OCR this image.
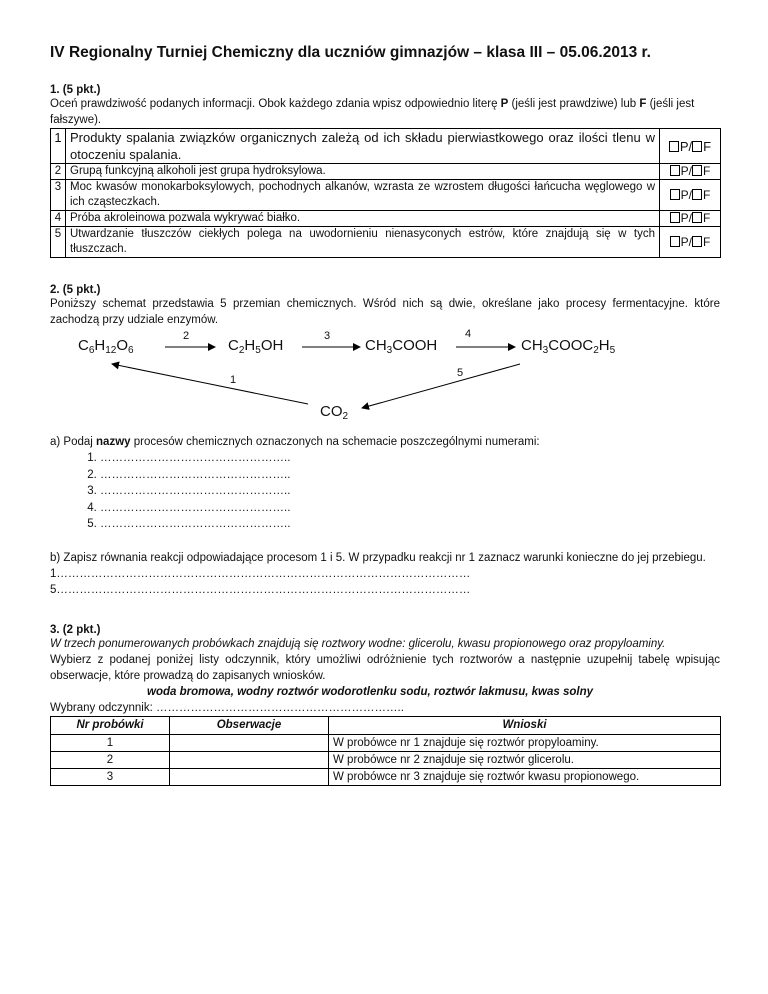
IV Regionalny Turniej Chemiczny dla uczniów gimnazjów – klasa III – 05.06.2013 r.

1. (5 pkt.)

Oceń prawdziwość podanych informacji. Obok każdego zdania wpisz odpowiednio literę P (jeśli jest prawdziwe) lub F (jeśli jest fałszywe).

1	Produkty spalania związków organicznych zależą od ich składu pierwiastkowego oraz ilości tlenu w otoczeniu spalania.	P/ F
2	Grupą funkcyjną alkoholi jest grupa hydroksylowa.	P/ F
3	Moc kwasów monokarboksylowych, pochodnych alkanów, wzrasta ze wzrostem długości łańcucha węglowego w ich cząsteczkach.	P/ F
4	Próba akroleinowa pozwala wykrywać białko.	P/ F
5	Utwardzanie tłuszczów ciekłych polega na uwodornieniu nienasyconych estrów, które znajdują się w tych tłuszczach.	P/ F

2. (5 pkt.)

Poniższy schemat przedstawia 5 przemian chemicznych. Wśród nich są dwie, określane jako procesy fermentacyjne. które zachodzą przy udziale enzymów.

$C_6H_{12}O_6$	$C_2H_5OH$	$CH_3COOH$	$CH_3COOC_2H_5$
$CO_2$
1
2	3	4
5

a) Podaj nazwy procesów chemicznych oznaczonych na schemacie poszczególnymi numerami:

1. …………………………………………..
2. …………………………………………..
3. …………………………………………..
4. …………………………………………..
5. …………………………………………..

b) Zapisz równania reakcji odpowiadające procesom 1 i 5. W przypadku reakcji nr 1 zaznacz warunki konieczne do jej przebiegu.

1………………………………………………………………………………………………

5………………………………………………………………………………………………

3. (2 pkt.)

W trzech ponumerowanych probówkach znajdują się roztwory wodne: glicerolu, kwasu propionowego oraz propyloaminy.

Wybierz z podanej poniżej listy odczynnik, który umożliwi odróżnienie tych roztworów a następnie uzupełnij tabelę wpisując obserwacje, które prowadzą do zapisanych wniosków.

woda bromowa, wodny roztwór wodorotlenku sodu, roztwór lakmusu, kwas solny

Wybrany odczynnik: ………………………………………………………..

Nr probówki	Obserwacje	Wnioski
1		W probówce nr 1 znajduje się roztwór propyloaminy.
2		W probówce nr 2 znajduje się roztwór glicerolu.
3		W probówce nr 3 znajduje się roztwór kwasu propionowego.
